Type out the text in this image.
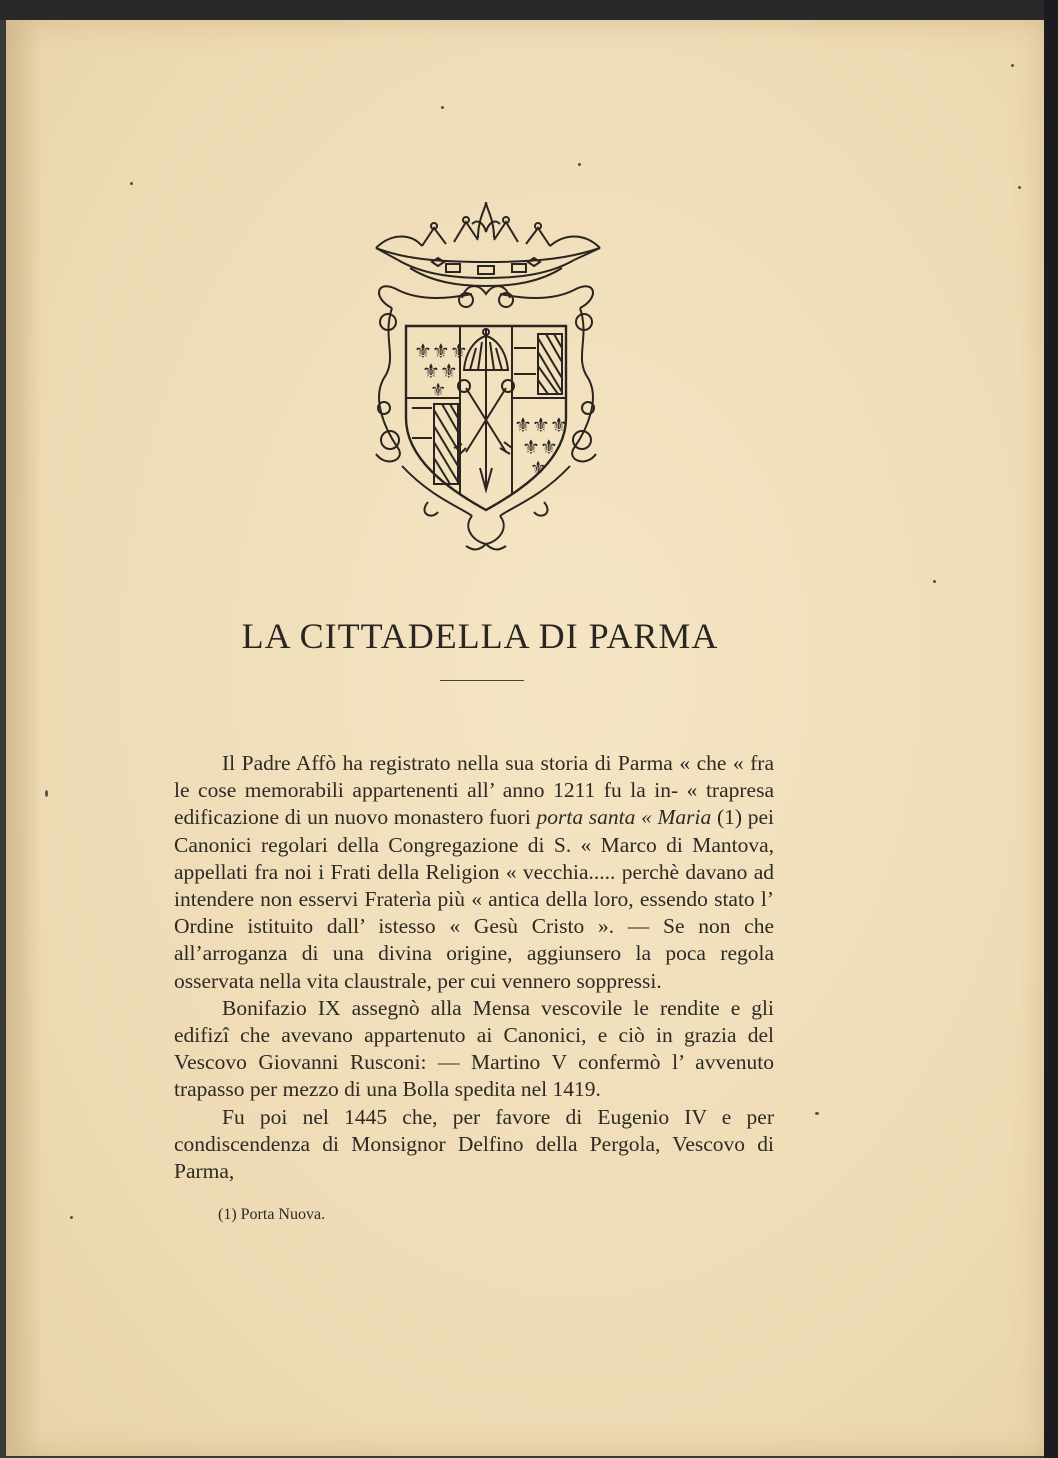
⚜⚜⚜
⚜⚜
⚜
⚜⚜⚜
⚜⚜
⚜
LA CITTADELLA DI PARMA

Il Padre Affò ha registrato nella sua storia di Parma « che « fra le cose memorabili appartenenti all’ anno 1211 fu la in- « trapresa edificazione di un nuovo monastero fuori porta santa « Maria (1) pei Canonici regolari della Congregazione di S. « Marco di Mantova, appellati fra noi i Frati della Religion « vecchia..... perchè davano ad intendere non esservi Fraterìa più « antica della loro, essendo stato l’ Ordine istituito dall’ istesso « Gesù Cristo ». — Se non che all’arroganza di una divina origine, aggiunsero la poca regola osservata nella vita claustrale, per cui vennero soppressi.

Bonifazio IX assegnò alla Mensa vescovile le rendite e gli edifizî che avevano appartenuto ai Canonici, e ciò in grazia del Vescovo Giovanni Rusconi: — Martino V confermò l’ avvenuto trapasso per mezzo di una Bolla spedita nel 1419.

Fu poi nel 1445 che, per favore di Eugenio IV e per condiscendenza di Monsignor Delfino della Pergola, Vescovo di Parma,

(1) Porta Nuova.
